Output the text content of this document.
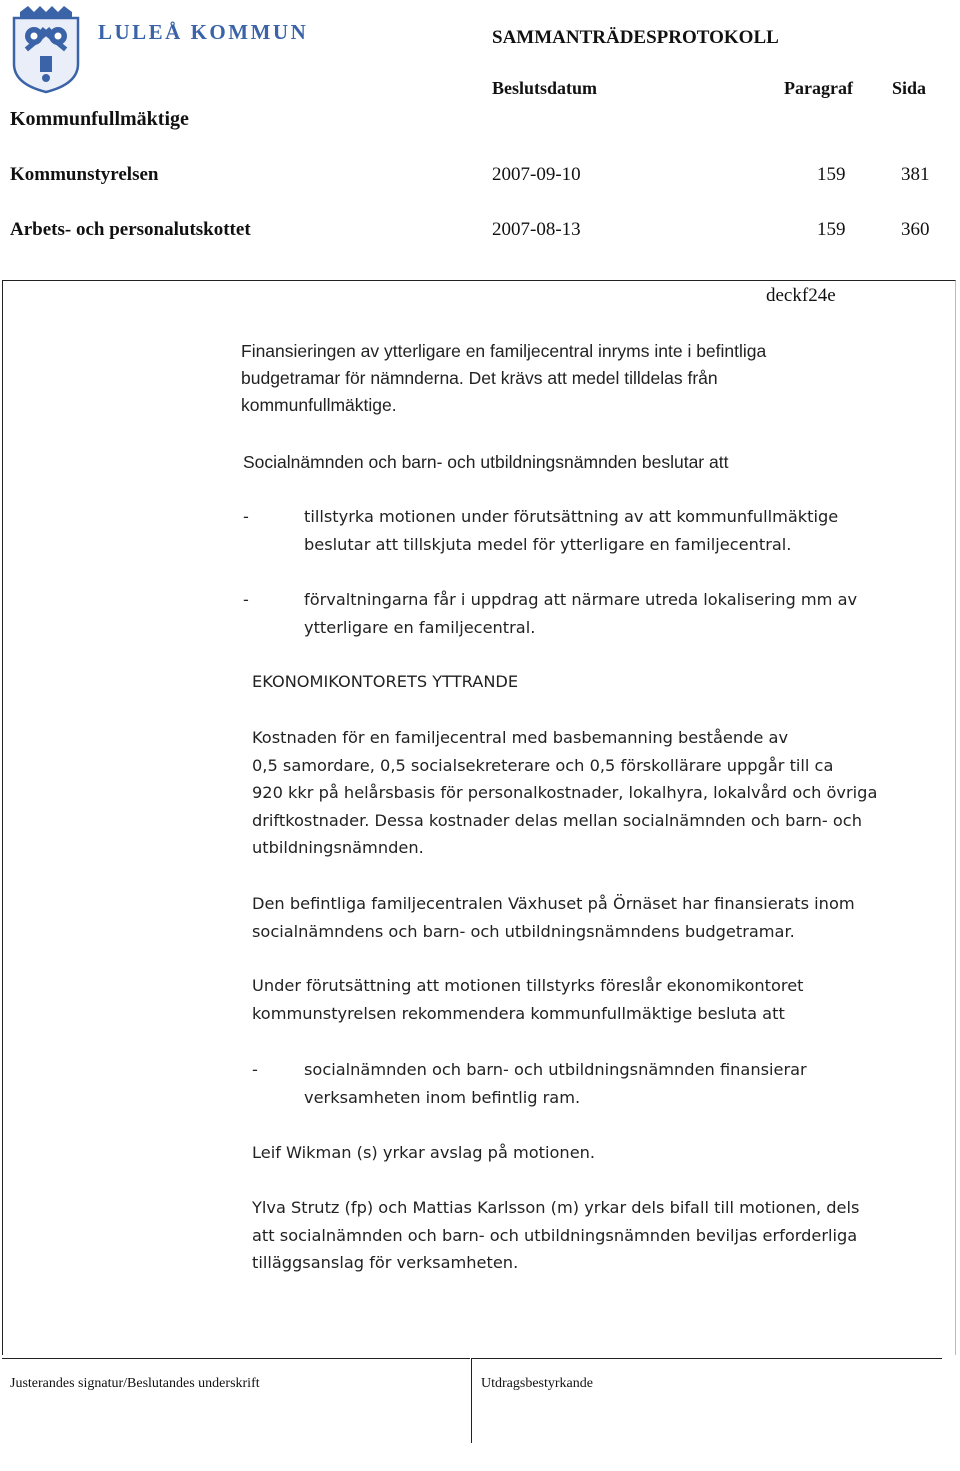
LULEÅ KOMMUN	SAMMANTRÄDESPROTOKOLL
Beslutsdatum	Paragraf Sida
Kommunfullmäktige
Kommunstyrelsen	2007-09-10	159	381
Arbets- och personalutskottet	2007-08-13	159	360
deckf24e

Finansieringen av ytterligare en familjecentral inryms inte i befintliga

budgetramar för nämnderna. Det krävs att medel tilldelas från

kommunfullmäktige.

Socialnämnden och barn- och utbildningsnämnden beslutar att
-	tillstyrka motionen under förutsättning av att kommunfullmäktige

beslutar att tillskjuta medel för ytterligare en familjecentral.

-	förvaltningarna får i uppdrag att närmare utreda lokalisering mm av

ytterligare en familjecentral.

EKONOMIKONTORETS YTTRANDE

Kostnaden för en familjecentral med basbemanning bestående av

0,5 samordare, 0,5 socialsekreterare och 0,5 förskollärare uppgår till ca

920 kkr på helårsbasis för personalkostnader, lokalhyra, lokalvård och övriga

driftkostnader. Dessa kostnader delas mellan socialnämnden och barn- och

utbildningsnämnden.

Den befintliga familjecentralen Växhuset på Örnäset har finansierats inom

socialnämndens och barn- och utbildningsnämndens budgetramar.

Under förutsättning att motionen tillstyrks föreslår ekonomikontoret

kommunstyrelsen rekommendera kommunfullmäktige besluta att

-	socialnämnden och barn- och utbildningsnämnden finansierar

verksamheten inom befintlig ram.

Leif Wikman (s) yrkar avslag på motionen.

Ylva Strutz (fp) och Mattias Karlsson (m) yrkar dels bifall till motionen, dels

att socialnämnden och barn- och utbildningsnämnden beviljas erforderliga

tilläggsanslag för verksamheten.

Justerandes signatur/Beslutandes underskrift	Utdragsbestyrkande
